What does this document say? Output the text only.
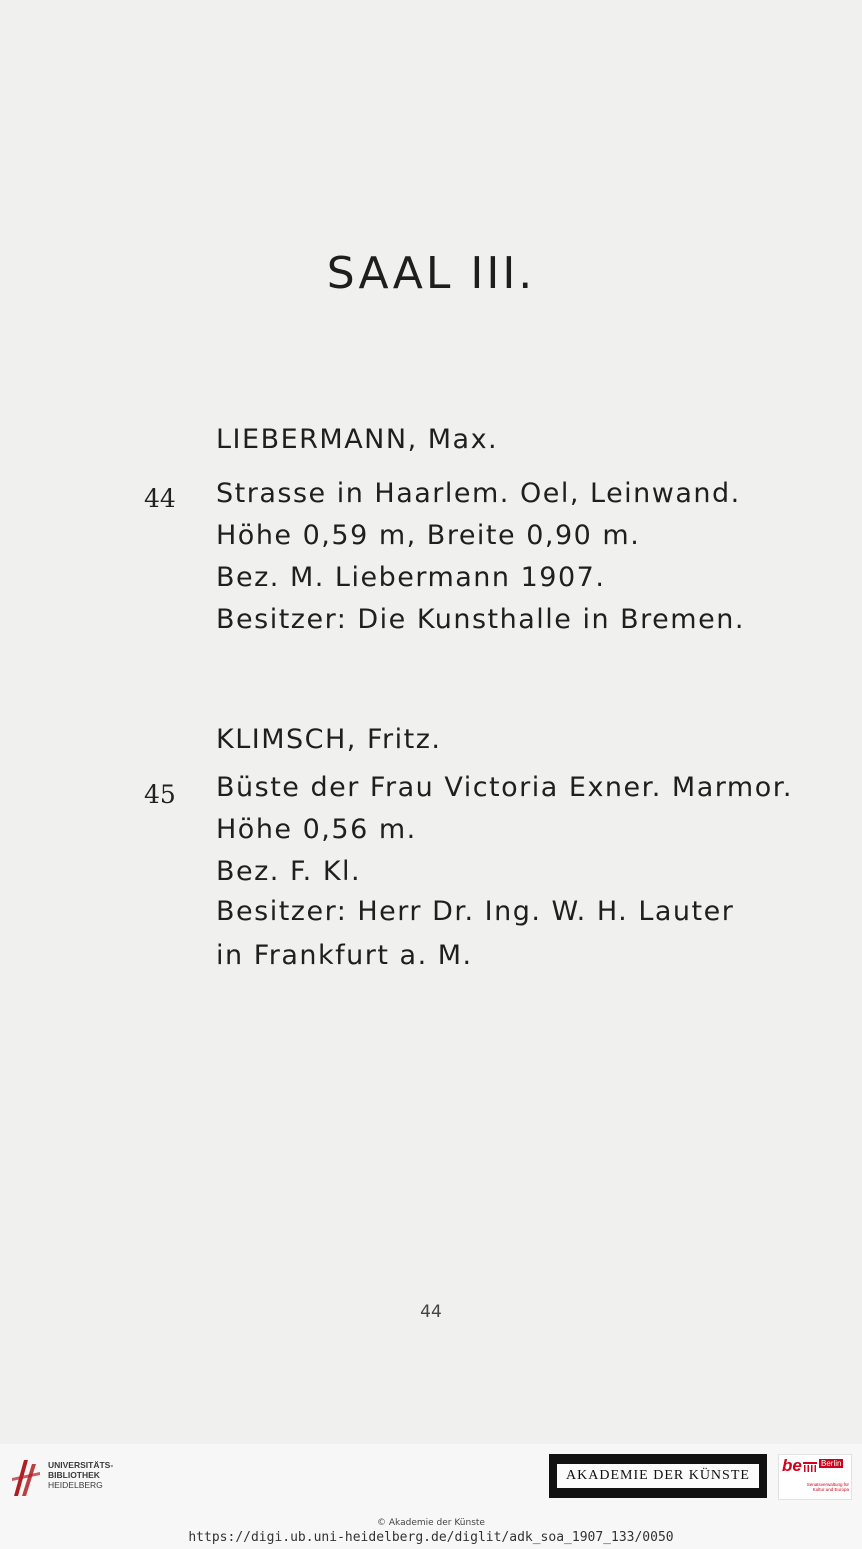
SAAL III.
LIEBERMANN, Max.
44 Strasse in Haarlem. Oel, Leinwand.
Höhe 0,59 m, Breite 0,90 m.
Bez. M. Liebermann 1907.
Besitzer: Die Kunsthalle in Bremen.
KLIMSCH, Fritz.
45 Büste der Frau Victoria Exner. Marmor.
Höhe 0,56 m.
Bez. F. Kl.
Besitzer: Herr Dr. Ing. W. H. Lauter
in Frankfurt a. M.
44
UNIVERSITÄTS-
BIBLIOTHEK
HEIDELBERG
AKADEMIE DER KÜNSTE
be Berlin
Senatsverwaltung für Kultur und Europa
© Akademie der Künste
https://digi.ub.uni-heidelberg.de/diglit/adk_soa_1907_133/0050
